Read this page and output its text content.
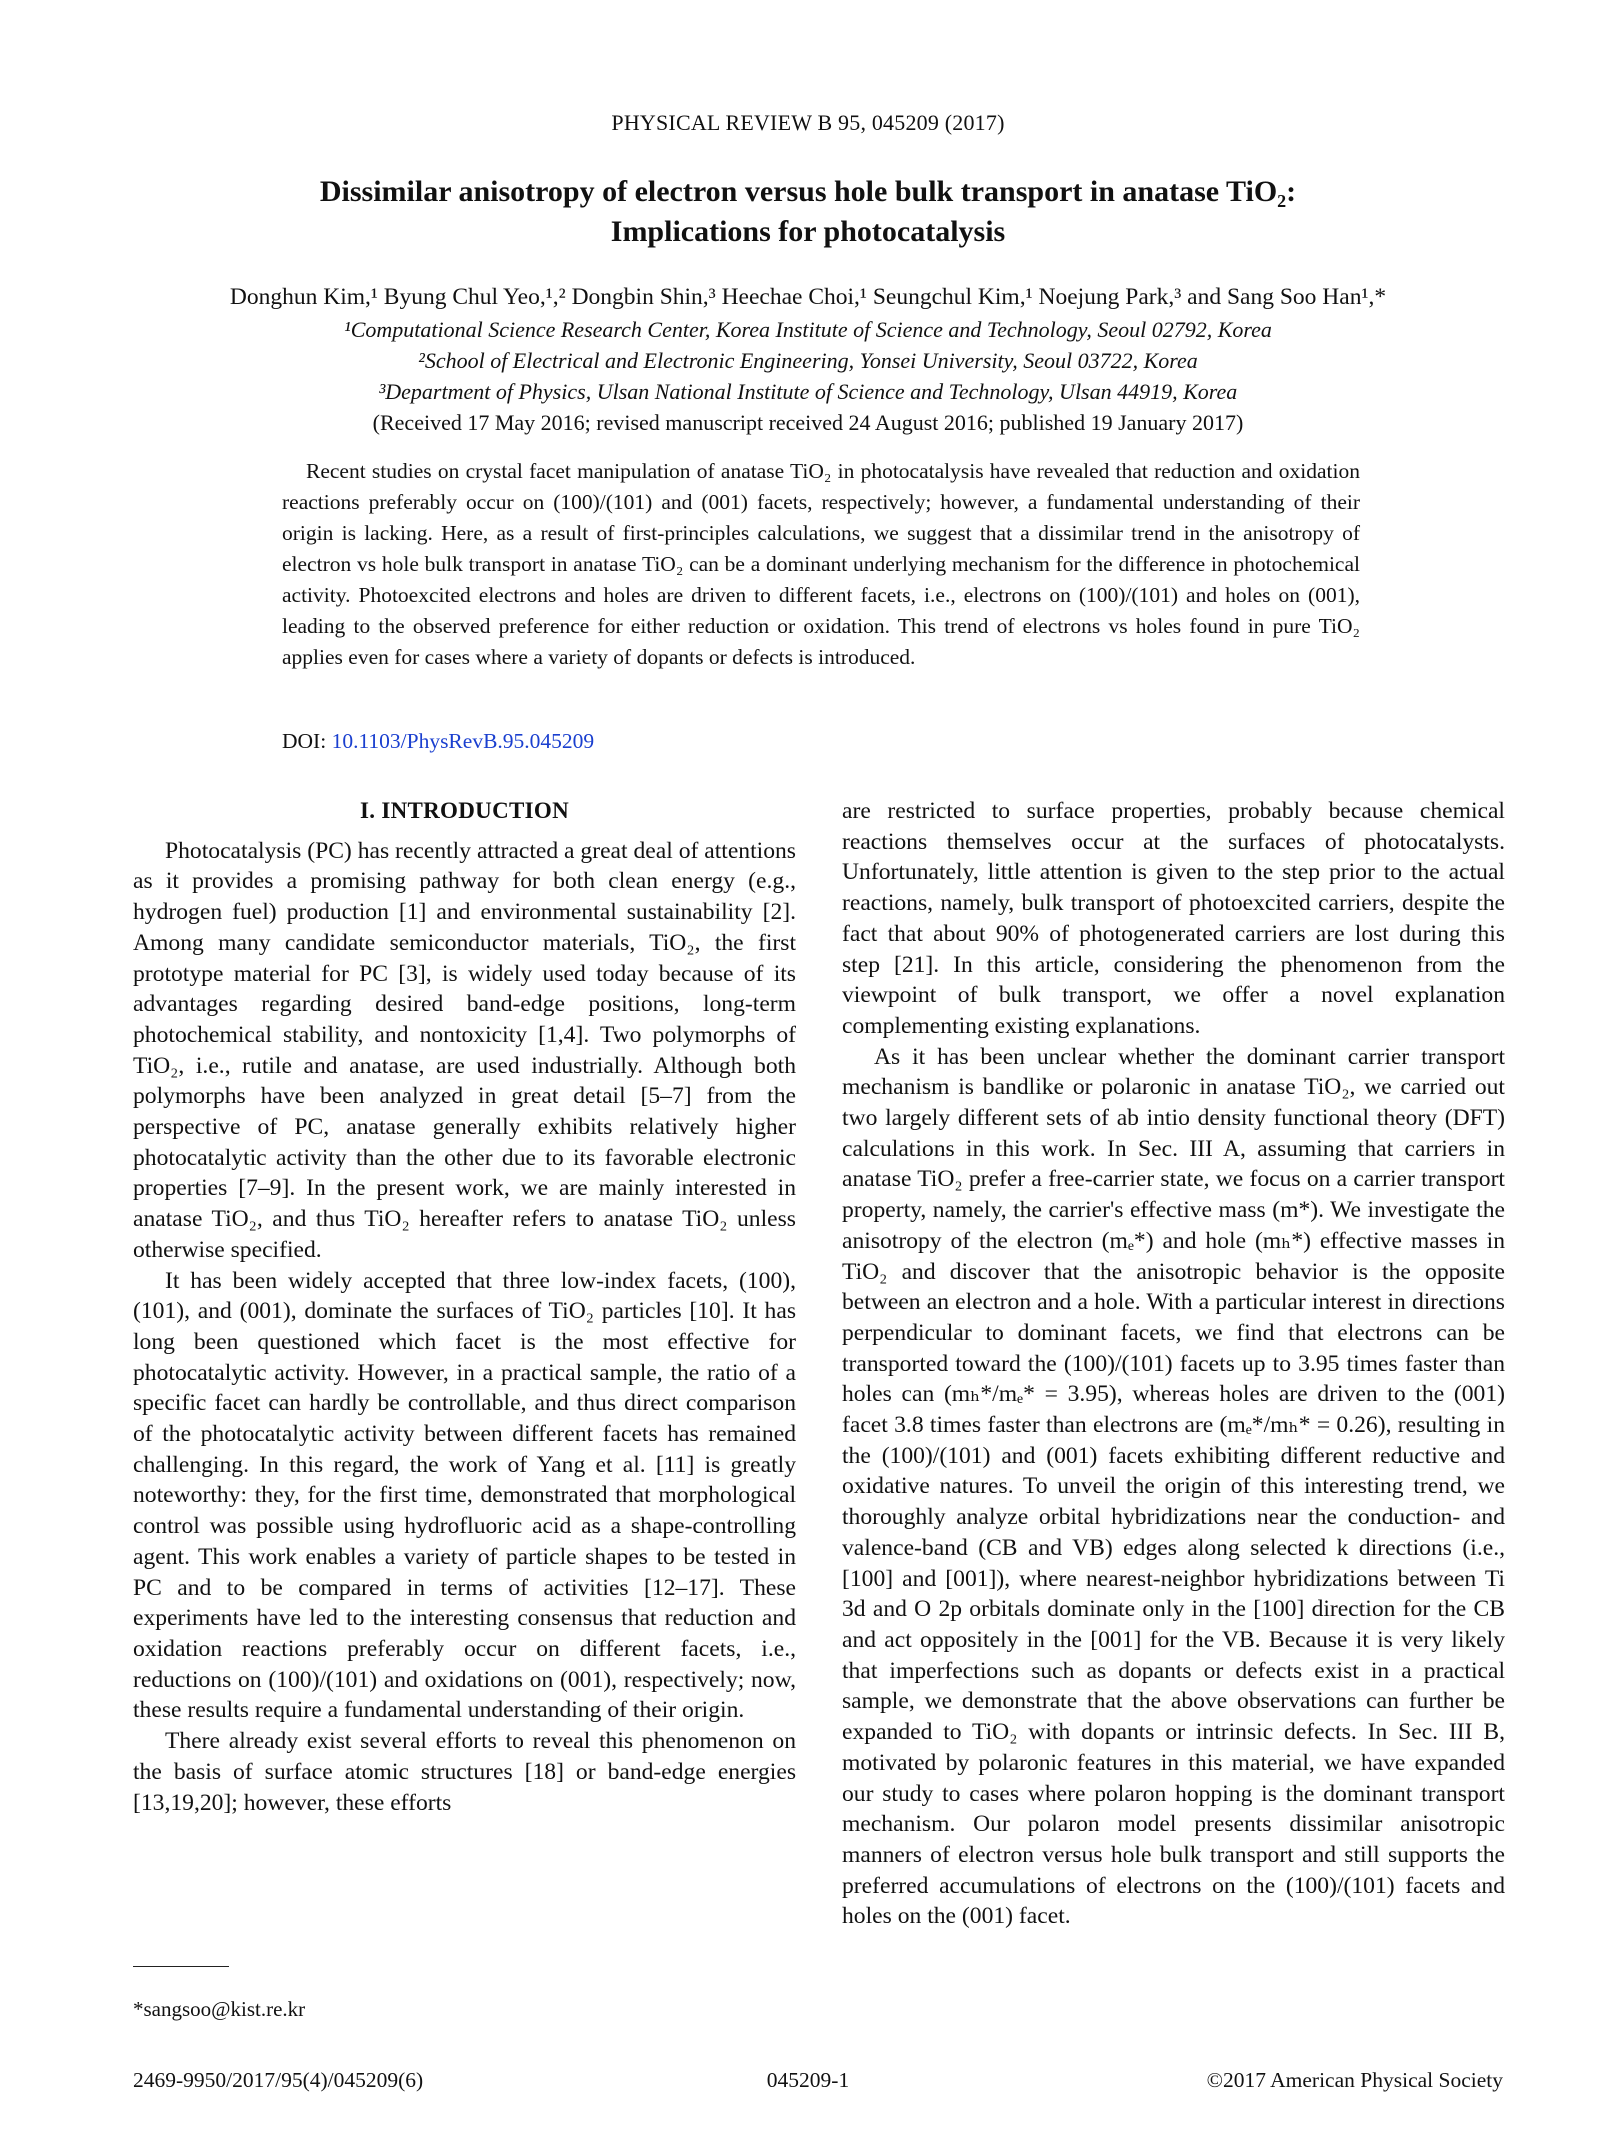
PHYSICAL REVIEW B 95, 045209 (2017)
Dissimilar anisotropy of electron versus hole bulk transport in anatase TiO₂:
Implications for photocatalysis
Donghun Kim,¹ Byung Chul Yeo,¹,² Dongbin Shin,³ Heechae Choi,¹ Seungchul Kim,¹ Noejung Park,³ and Sang Soo Han¹,*
¹Computational Science Research Center, Korea Institute of Science and Technology, Seoul 02792, Korea
²School of Electrical and Electronic Engineering, Yonsei University, Seoul 03722, Korea
³Department of Physics, Ulsan National Institute of Science and Technology, Ulsan 44919, Korea
(Received 17 May 2016; revised manuscript received 24 August 2016; published 19 January 2017)

Recent studies on crystal facet manipulation of anatase TiO₂ in photocatalysis have revealed that reduction and oxidation reactions preferably occur on (100)/(101) and (001) facets, respectively; however, a fundamental understanding of their origin is lacking. Here, as a result of first-principles calculations, we suggest that a dissimilar trend in the anisotropy of electron vs hole bulk transport in anatase TiO₂ can be a dominant underlying mechanism for the difference in photochemical activity. Photoexcited electrons and holes are driven to different facets, i.e., electrons on (100)/(101) and holes on (001), leading to the observed preference for either reduction or oxidation. This trend of electrons vs holes found in pure TiO₂ applies even for cases where a variety of dopants or defects is introduced.

DOI: 10.1103/PhysRevB.95.045209
I. INTRODUCTION

Photocatalysis (PC) has recently attracted a great deal of attentions as it provides a promising pathway for both clean energy (e.g., hydrogen fuel) production [1] and environmental sustainability [2]. Among many candidate semiconductor materials, TiO₂, the first prototype material for PC [3], is widely used today because of its advantages regarding desired band-edge positions, long-term photochemical stability, and nontoxicity [1,4]. Two polymorphs of TiO₂, i.e., rutile and anatase, are used industrially. Although both polymorphs have been analyzed in great detail [5–7] from the perspective of PC, anatase generally exhibits relatively higher photocatalytic activity than the other due to its favorable electronic properties [7–9]. In the present work, we are mainly interested in anatase TiO₂, and thus TiO₂ hereafter refers to anatase TiO₂ unless otherwise specified.

It has been widely accepted that three low-index facets, (100), (101), and (001), dominate the surfaces of TiO₂ particles [10]. It has long been questioned which facet is the most effective for photocatalytic activity. However, in a practical sample, the ratio of a specific facet can hardly be controllable, and thus direct comparison of the photocatalytic activity between different facets has remained challenging. In this regard, the work of Yang et al. [11] is greatly noteworthy: they, for the first time, demonstrated that morphological control was possible using hydrofluoric acid as a shape-controlling agent. This work enables a variety of particle shapes to be tested in PC and to be compared in terms of activities [12–17]. These experiments have led to the interesting consensus that reduction and oxidation reactions preferably occur on different facets, i.e., reductions on (100)/(101) and oxidations on (001), respectively; now, these results require a fundamental understanding of their origin.

There already exist several efforts to reveal this phenomenon on the basis of surface atomic structures [18] or band-edge energies [13,19,20]; however, these efforts

are restricted to surface properties, probably because chemical reactions themselves occur at the surfaces of photocatalysts. Unfortunately, little attention is given to the step prior to the actual reactions, namely, bulk transport of photoexcited carriers, despite the fact that about 90% of photogenerated carriers are lost during this step [21]. In this article, considering the phenomenon from the viewpoint of bulk transport, we offer a novel explanation complementing existing explanations.

As it has been unclear whether the dominant carrier transport mechanism is bandlike or polaronic in anatase TiO₂, we carried out two largely different sets of ab intio density functional theory (DFT) calculations in this work. In Sec. III A, assuming that carriers in anatase TiO₂ prefer a free-carrier state, we focus on a carrier transport property, namely, the carrier's effective mass (m*). We investigate the anisotropy of the electron (mₑ*) and hole (mₕ*) effective masses in TiO₂ and discover that the anisotropic behavior is the opposite between an electron and a hole. With a particular interest in directions perpendicular to dominant facets, we find that electrons can be transported toward the (100)/(101) facets up to 3.95 times faster than holes can (mₕ*/mₑ* = 3.95), whereas holes are driven to the (001) facet 3.8 times faster than electrons are (mₑ*/mₕ* = 0.26), resulting in the (100)/(101) and (001) facets exhibiting different reductive and oxidative natures. To unveil the origin of this interesting trend, we thoroughly analyze orbital hybridizations near the conduction- and valence-band (CB and VB) edges along selected k directions (i.e., [100] and [001]), where nearest-neighbor hybridizations between Ti 3d and O 2p orbitals dominate only in the [100] direction for the CB and act oppositely in the [001] for the VB. Because it is very likely that imperfections such as dopants or defects exist in a practical sample, we demonstrate that the above observations can further be expanded to TiO₂ with dopants or intrinsic defects. In Sec. III B, motivated by polaronic features in this material, we have expanded our study to cases where polaron hopping is the dominant transport mechanism. Our polaron model presents dissimilar anisotropic manners of electron versus hole bulk transport and still supports the preferred accumulations of electrons on the (100)/(101) facets and holes on the (001) facet.

*sangsoo@kist.re.kr
2469-9950/2017/95(4)/045209(6)	045209-1	©2017 American Physical Society
